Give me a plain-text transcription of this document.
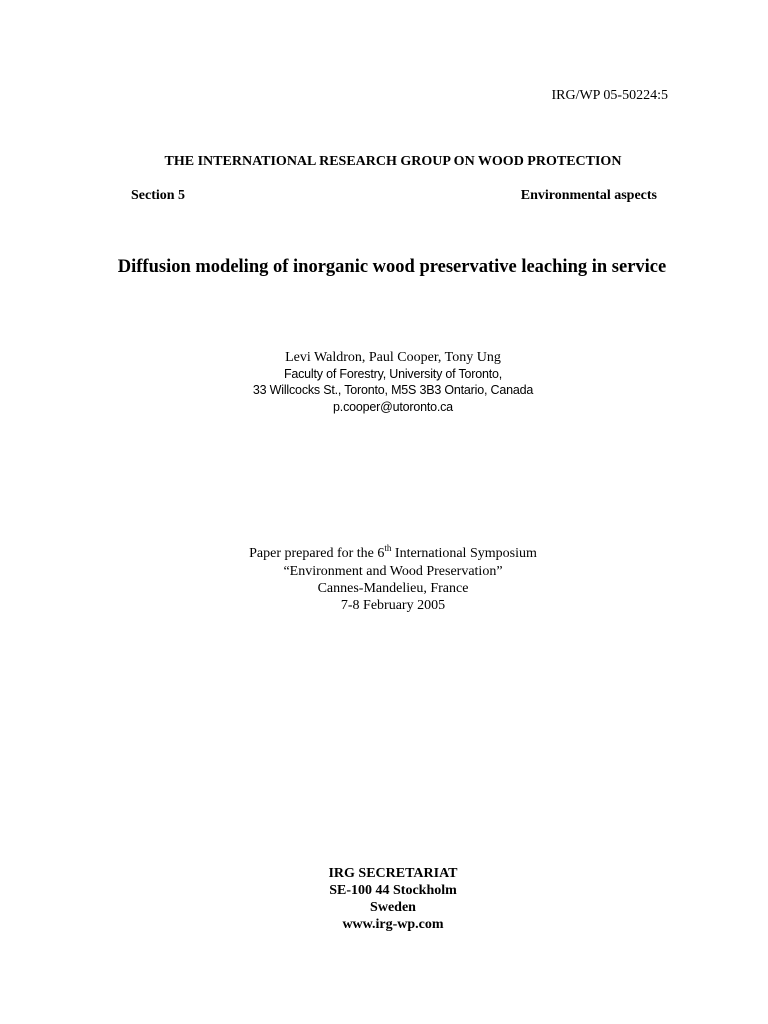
IRG/WP 05-50224:5
THE INTERNATIONAL RESEARCH GROUP ON WOOD PROTECTION
Section 5	Environmental aspects
Diffusion modeling of inorganic wood preservative leaching in service
Levi Waldron, Paul Cooper, Tony Ung
Faculty of Forestry, University of Toronto,
33 Willcocks St., Toronto, M5S 3B3 Ontario, Canada
p.cooper@utoronto.ca
Paper prepared for the 6th International Symposium
“Environment and Wood Preservation”
Cannes-Mandelieu, France
7-8 February 2005
IRG SECRETARIAT
SE-100 44 Stockholm
Sweden
www.irg-wp.com
